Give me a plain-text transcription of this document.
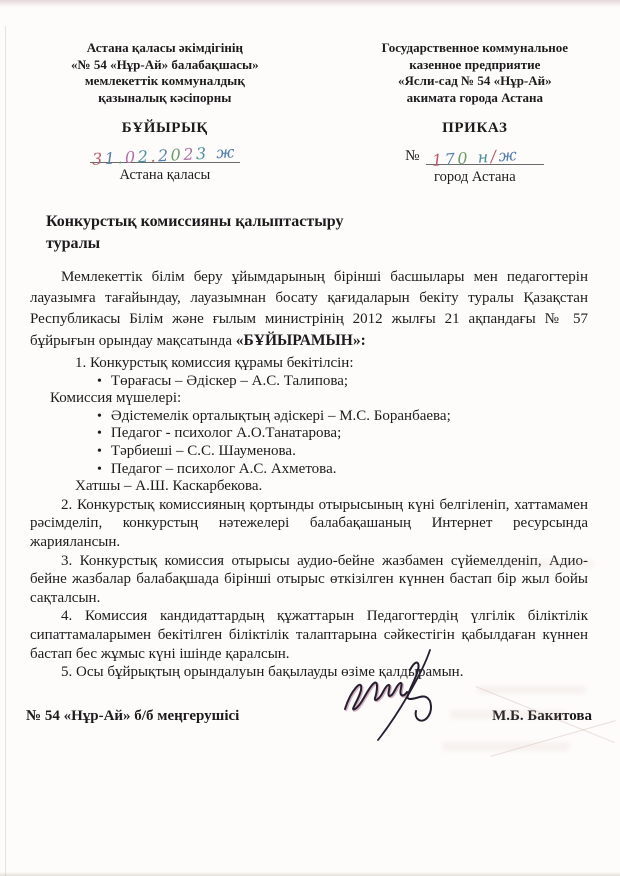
Астана қаласы әкімдігінің
«№ 54 «Нұр-Ай» балабақшасы»
мемлекеттік коммуналдық
қазыналық кәсіпорны
БҰЙЫРЫҚ
31.02.2023 ж
Астана қаласы
Государственное коммунальное
казенное предприятие
«Ясли-сад № 54 «Нұр-Ай»
акимата города Астана
ПРИКАЗ
№ 170 н/ж
город Астана
Конкурстық комиссияны қалыптастыру
туралы

Мемлекеттік білім беру ұйымдарының бірінші басшылары мен педагогтерін лауазымға тағайындау, лауазымнан босату қағидаларын бекіту туралы Қазақстан Республикасы Білім және ғылым министрінің 2012 жылғы 21 ақпандағы № 57 бұйрығын орындау мақсатында «БҰЙЫРАМЫН»:

1. Конкурстық комиссия құрамы бекітілсін:
• Төрағасы – Әдіскер – А.С. Талипова;
Комиссия мүшелері:
• Әдістемелік орталықтың әдіскері – М.С. Боранбаева;
• Педагог - психолог А.О.Танатарова;
• Тәрбиеші – С.С. Шауменова.
• Педагог – психолог А.С. Ахметова.
Хатшы – А.Ш. Каскарбекова.

2. Конкурстық комиссияның қортынды отырысының күні белгіленіп, хаттамамен рәсімделіп, конкурстың нәтежелері балабақашаның Интернет ресурсында жариялансын.

3. Конкурстық комиссия отырысы аудио-бейне жазбамен сүйемелденіп, Адио-бейне жазбалар балабақшада бірінші отырыс өткізілген күннен бастап бір жыл бойы сақталсын.

4. Комиссия кандидаттардың құжаттарын Педагогтердің үлгілік біліктілік сипаттамаларымен бекітілген біліктілік талаптарына сәйкестігін қабылдаған күннен бастап бес жұмыс күні ішінде қаралсын.

5. Осы бұйрықтың орындалуын бақылауды өзіме қалдырамын.

№ 54 «Нұр-Ай» б/б меңгерушісі	М.Б. Бакитова
